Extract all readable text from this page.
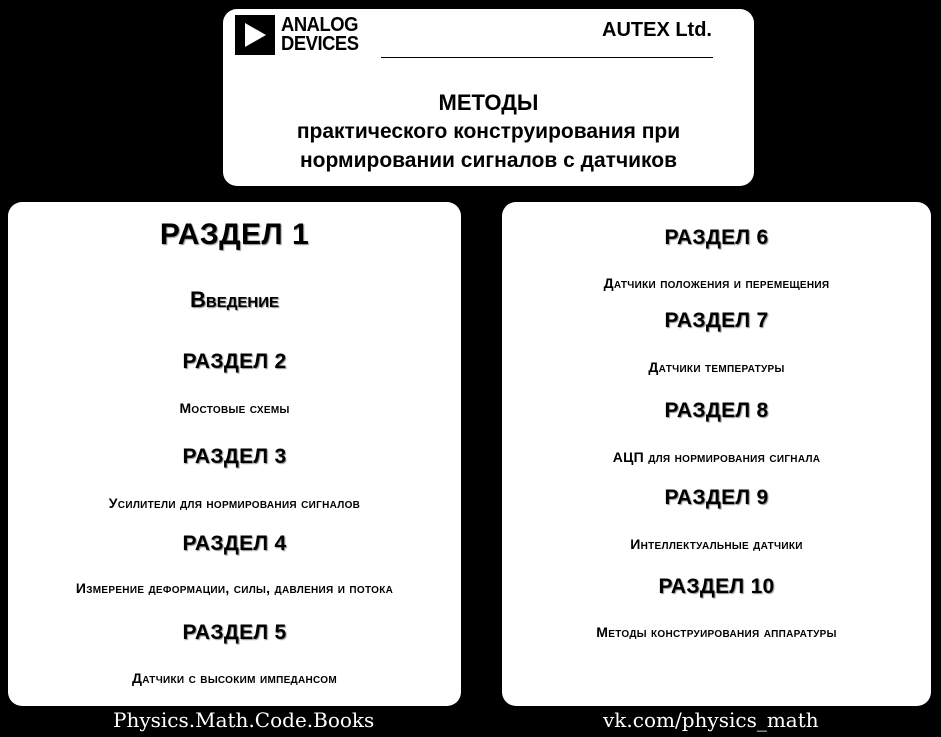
ANALOG
DEVICES
AUTEX Ltd.
МЕТОДЫ
практического конструирования при
нормировании сигналов с датчиков
РАЗДЕЛ 1
Введение
РАЗДЕЛ 2
Мостовые схемы
РАЗДЕЛ 3
Усилители для нормирования сигналов
РАЗДЕЛ 4
Измерение деформации, силы, давления и потока
РАЗДЕЛ 5
Датчики с высоким импедансом
РАЗДЕЛ 6
Датчики положения и перемещения
РАЗДЕЛ 7
Датчики температуры
РАЗДЕЛ 8
АЦП для нормирования сигнала
РАЗДЕЛ 9
Интеллектуальные датчики
РАЗДЕЛ 10
Методы конструирования аппаратуры
Physics.Math.Code.Books	vk.com/physics_math
